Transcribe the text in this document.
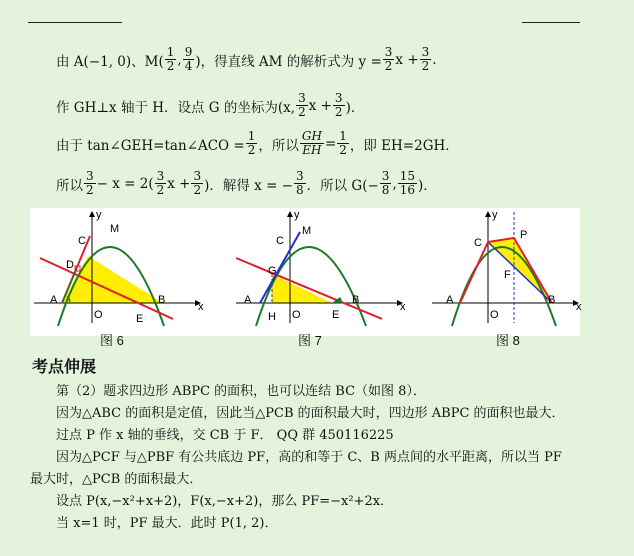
由 A(−1, 0)、$M( \frac{1}{2}$ , $\frac{9}{4}$ )，得直线 AM 的解析式为 $y = \frac{3}{2}$ $x + \frac{3}{2}$ .
作 GH⊥x 轴于 H．设点 G 的坐标为(x, $\frac{3}{2}$ $x + \frac{3}{2}$ )．
由于 tan∠GEH=tan∠ACO = $\frac{1}{2}$ ，所以 $\frac{GH}{EH} = \frac{1}{2}$ ，即 EH=2GH．
所以 $\frac{3}{2} - x = 2( \frac{3}{2}$ $x + \frac{3}{2}$ )．解得 x = − $\frac{3}{8}$ ．所以 $G(- \frac{3}{8}$ , $\frac{15}{16}$ )．
y
x
C
M
D
A
O	E
B
y
x
C
M
G
A
H O	E
B
y
x
C
P
F
A
O
B
图 6	图 7	图 8
考点伸展
第（2）题求四边形 ABPC 的面积，也可以连结 BC（如图 8）．
因为△ABC 的面积是定值，因此当△PCB 的面积最大时，四边形 ABPC 的面积也最大．
过点 P 作 x 轴的垂线，交 CB 于 F． QQ 群 450116225
因为△PCF 与△PBF 有公共底边 PF，高的和等于 C、B 两点间的水平距离，所以当 PF
最大时，△PCB 的面积最大．
设点 P(x,−x²+x+2)，F(x,−x+2)，那么 PF=−x²+2x．
当 x=1 时，PF 最大．此时 P(1, 2)．
